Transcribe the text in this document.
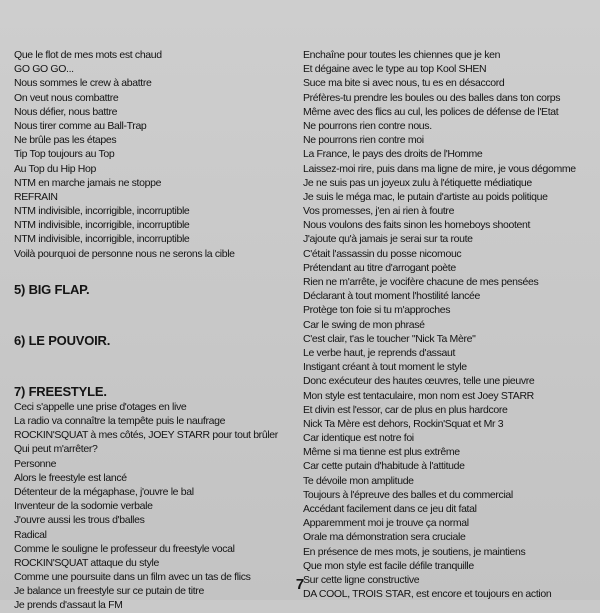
Que le flot de mes mots est chaud
GO GO GO...
Nous sommes le crew à abattre
On veut nous combattre
Nous défier, nous battre
Nous tirer comme au Ball-Trap
Ne brûle pas les étapes
Tip Top toujours au Top
Au Top du Hip Hop
NTM en marche jamais ne stoppe
REFRAIN
NTM indivisible, incorrigible, incorruptible
NTM indivisible, incorrigible, incorruptible
NTM indivisible, incorrigible, incorruptible
Voilà pourquoi de personne nous ne serons la cible
5) BIG FLAP.
6) LE POUVOIR.
7) FREESTYLE.
Ceci s'appelle une prise d'otages en live
La radio va connaître la tempête puis le naufrage
ROCKIN'SQUAT à mes côtés, JOEY STARR pour tout brûler
Qui peut m'arrêter?
Personne
Alors le freestyle est lancé
Détenteur de la mégaphase, j'ouvre le bal
Inventeur de la sodomie verbale
J'ouvre aussi les trous d'balles
Radical
Comme le souligne le professeur du freestyle vocal
ROCKIN'SQUAT attaque du style
Comme une poursuite dans un film avec un tas de flics
Je balance un freestyle sur ce putain de titre
Je prends d'assaut la FM
Enchaîne pour toutes les chiennes que je ken
Et dégaine avec le type au top Kool SHEN
Suce ma bite si avec nous, tu es en désaccord
Préfères-tu prendre les boules ou des balles dans ton corps
Même avec des flics au cul, les polices de défense de l'Etat
Ne pourrons rien contre nous.
Ne pourrons rien contre moi
La France, le pays des droits de l'Homme
Laissez-moi rire, puis dans ma ligne de mire, je vous dégomme
Je ne suis pas un joyeux zulu à l'étiquette médiatique
Je suis le méga mac, le putain d'artiste au poids politique
Vos promesses, j'en ai rien à foutre
Nous voulons des faits sinon les homeboys shootent
J'ajoute qu'à jamais je serai sur ta route
C'était l'assassin du posse nicomouc
Prétendant au titre d'arrogant poète
Rien ne m'arrête, je vocifère chacune de mes pensées
Déclarant à tout moment l'hostilité lancée
Protège ton foie si tu m'approches
Car le swing de mon phrasé
C'est clair, t'as le toucher "Nick Ta Mère"
Le verbe haut, je reprends d'assaut
Instigant créant à tout moment le style
Donc exécuteur des hautes œuvres, telle une pieuvre
Mon style est tentaculaire, mon nom est Joey STARR
Et divin est l'essor, car de plus en plus hardcore
Nick Ta Mère est dehors, Rockin'Squat et Mr 3
Car identique est notre foi
Même si ma tienne est plus extrême
Car cette putain d'habitude à l'attitude
Te dévoile mon amplitude
Toujours à l'épreuve des balles et du commercial
Accédant facilement dans ce jeu dit fatal
Apparemment moi je trouve ça normal
Orale ma démonstration sera cruciale
En présence de mes mots, je soutiens, je maintiens
Que mon style est facile défile tranquille
Sur cette ligne constructive
DA COOL, TROIS STAR, est encore et toujours en action
7
